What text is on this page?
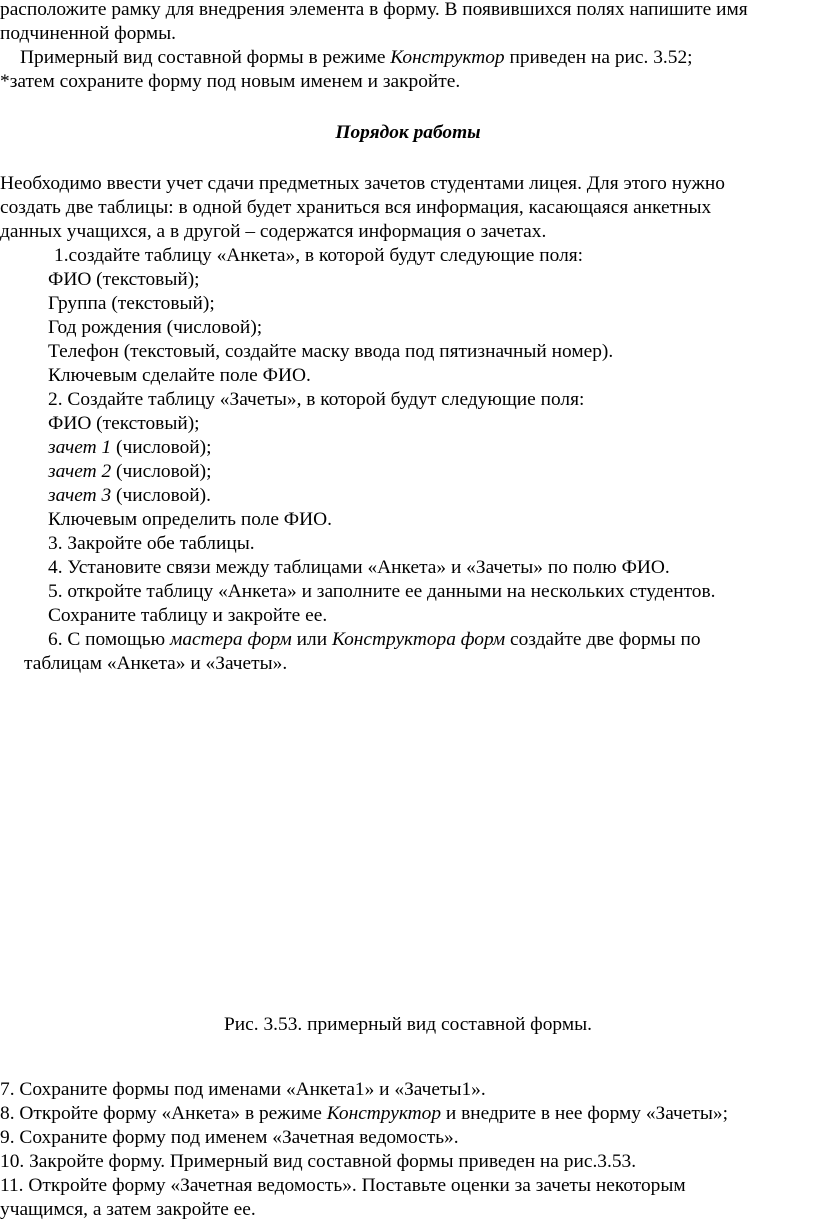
расположите рамку для внедрения элемента в форму. В появившихся полях напишите имя
подчиненной формы.
Примерный вид составной формы в режиме Конструктор приведен на рис. 3.52;
*затем сохраните форму под новым именем и закройте.
Порядок работы
Необходимо ввести учет сдачи предметных зачетов студентами лицея. Для этого нужно
создать две таблицы: в одной будет храниться вся информация, касающаяся анкетных
данных учащихся, а в другой – содержатся информация о зачетах.
1.создайте таблицу «Анкета», в которой будут следующие поля:
ФИО (текстовый);
Группа (текстовый);
Год рождения (числовой);
Телефон (текстовый, создайте маску ввода под пятизначный номер).
Ключевым сделайте поле ФИО.
2. Создайте таблицу «Зачеты», в которой будут следующие поля:
ФИО (текстовый);
зачет 1 (числовой);
зачет 2 (числовой);
зачет 3 (числовой).
Ключевым определить поле ФИО.
3. Закройте обе таблицы.
4. Установите связи между таблицами «Анкета» и «Зачеты» по полю ФИО.
5. откройте таблицу «Анкета» и заполните ее данными на нескольких студентов.
Сохраните таблицу и закройте ее.
6. С помощью мастера форм или Конструктора форм создайте две формы по
таблицам «Анкета» и «Зачеты».
Рис. 3.53. примерный вид составной формы.
7. Сохраните формы под именами «Анкета1» и «Зачеты1».
8. Откройте форму «Анкета» в режиме Конструктор и внедрите в нее форму «Зачеты»;
9. Сохраните форму под именем «Зачетная ведомость».
10. Закройте форму. Примерный вид составной формы приведен на рис.3.53.
11. Откройте форму «Зачетная ведомость». Поставьте оценки за зачеты некоторым
учащимся, а затем закройте ее.
